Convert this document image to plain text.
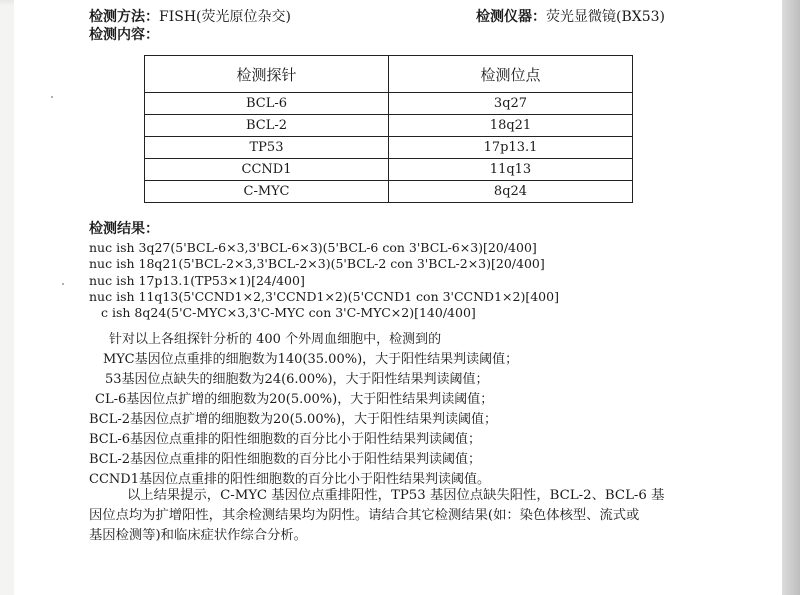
检测方法：FISH(荧光原位杂交)	检测仪器：荧光显微镜(BX53)
检测内容：
检测探针	检测位点
BCL-6	3q27
BCL-2	18q21
TP53	17p13.1
CCND1	11q13
C-MYC	8q24
检测结果：
nuc ish 3q27(5'BCL-6×3,3'BCL-6×3)(5'BCL-6 con 3'BCL-6×3)[20/400]
nuc ish 18q21(5'BCL-2×3,3'BCL-2×3)(5'BCL-2 con 3'BCL-2×3)[20/400]
nuc ish 17p13.1(TP53×1)[24/400]
nuc ish 11q13(5'CCND1×2,3'CCND1×2)(5'CCND1 con 3'CCND1×2)[400]
c ish 8q24(5'C-MYC×3,3'C-MYC con 3'C-MYC×2)[140/400]
针对以上各组探针分析的 400 个外周血细胞中，检测到的
MYC基因位点重排的细胞数为140(35.00%)，大于阳性结果判读阈值；
53基因位点缺失的细胞数为24(6.00%)，大于阳性结果判读阈值；
CL-6基因位点扩增的细胞数为20(5.00%)，大于阳性结果判读阈值；
BCL-2基因位点扩增的细胞数为20(5.00%)，大于阳性结果判读阈值；
BCL-6基因位点重排的阳性细胞数的百分比小于阳性结果判读阈值；
BCL-2基因位点重排的阳性细胞数的百分比小于阳性结果判读阈值；
CCND1基因位点重排的阳性细胞数的百分比小于阳性结果判读阈值。
以上结果提示，C-MYC 基因位点重排阳性，TP53 基因位点缺失阳性，BCL-2、BCL-6 基
因位点均为扩增阳性，其余检测结果均为阴性。请结合其它检测结果(如：染色体核型、流式或
基因检测等)和临床症状作综合分析。
